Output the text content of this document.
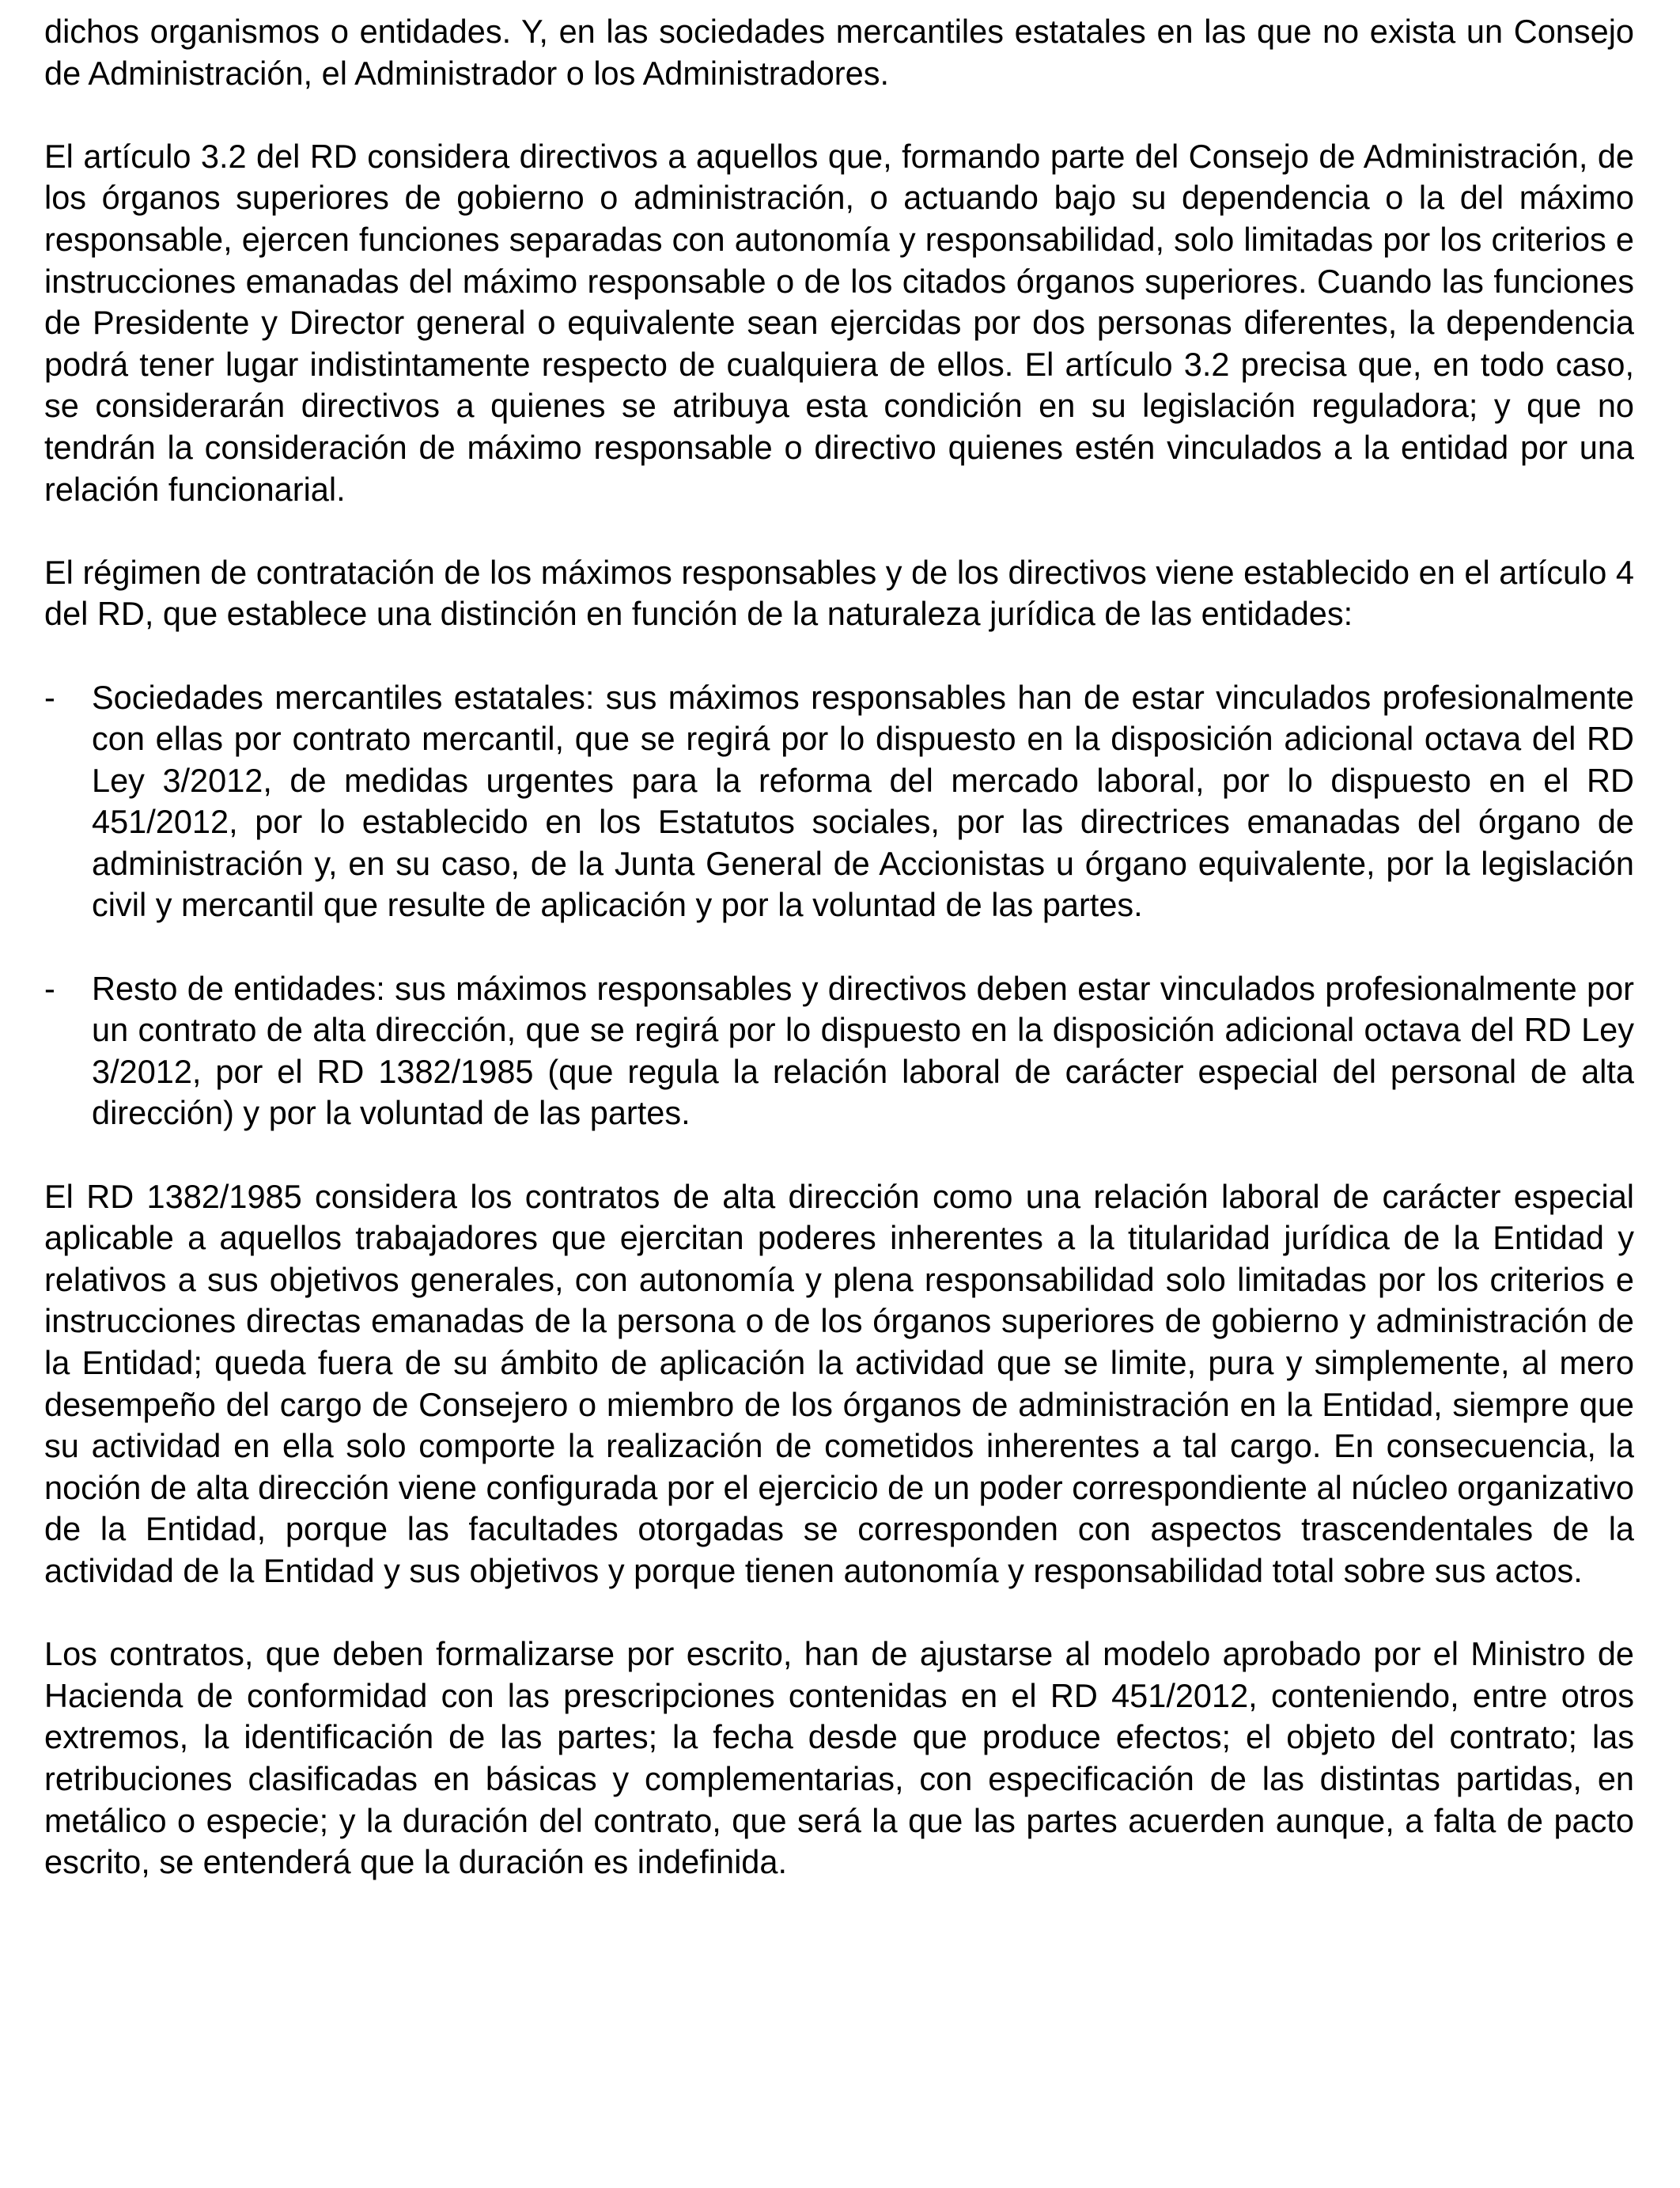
dichos organismos o entidades. Y, en las sociedades mercantiles estatales en las que no exista un Consejo de Administración, el Administrador o los Administradores.

El artículo 3.2 del RD considera directivos a aquellos que, formando parte del Consejo de Administración, de los órganos superiores de gobierno o administración, o actuando bajo su dependencia o la del máximo responsable, ejercen funciones separadas con autonomía y responsabilidad, solo limitadas por los criterios e instrucciones emanadas del máximo responsable o de los citados órganos superiores. Cuando las funciones de Presidente y Director general o equivalente sean ejercidas por dos personas diferentes, la dependencia podrá tener lugar indistintamente respecto de cualquiera de ellos. El artículo 3.2 precisa que, en todo caso, se considerarán directivos a quienes se atribuya esta condición en su legislación reguladora; y que no tendrán la consideración de máximo responsable o directivo quienes estén vinculados a la entidad por una relación funcionarial.

El régimen de contratación de los máximos responsables y de los directivos viene establecido en el artículo 4 del RD, que establece una distinción en función de la naturaleza jurídica de las entidades:

- Sociedades mercantiles estatales: sus máximos responsables han de estar vinculados profesionalmente con ellas por contrato mercantil, que se regirá por lo dispuesto en la disposición adicional octava del RD Ley 3/2012, de medidas urgentes para la reforma del mercado laboral, por lo dispuesto en el RD 451/2012, por lo establecido en los Estatutos sociales, por las directrices emanadas del órgano de administración y, en su caso, de la Junta General de Accionistas u órgano equivalente, por la legislación civil y mercantil que resulte de aplicación y por la voluntad de las partes.
- Resto de entidades: sus máximos responsables y directivos deben estar vinculados profesionalmente por un contrato de alta dirección, que se regirá por lo dispuesto en la disposición adicional octava del RD Ley 3/2012, por el RD 1382/1985 (que regula la relación laboral de carácter especial del personal de alta dirección) y por la voluntad de las partes.

El RD 1382/1985 considera los contratos de alta dirección como una relación laboral de carácter especial aplicable a aquellos trabajadores que ejercitan poderes inherentes a la titularidad jurídica de la Entidad y relativos a sus objetivos generales, con autonomía y plena responsabilidad solo limitadas por los criterios e instrucciones directas emanadas de la persona o de los órganos superiores de gobierno y administración de la Entidad; queda fuera de su ámbito de aplicación la actividad que se limite, pura y simplemente, al mero desempeño del cargo de Consejero o miembro de los órganos de administración en la Entidad, siempre que su actividad en ella solo comporte la realización de cometidos inherentes a tal cargo. En consecuencia, la noción de alta dirección viene configurada por el ejercicio de un poder correspondiente al núcleo organizativo de la Entidad, porque las facultades otorgadas se corresponden con aspectos trascendentales de la actividad de la Entidad y sus objetivos y porque tienen autonomía y responsabilidad total sobre sus actos.

Los contratos, que deben formalizarse por escrito, han de ajustarse al modelo aprobado por el Ministro de Hacienda de conformidad con las prescripciones contenidas en el RD 451/2012, conteniendo, entre otros extremos, la identificación de las partes; la fecha desde que produce efectos; el objeto del contrato; las retribuciones clasificadas en básicas y complementarias, con especificación de las distintas partidas, en metálico o especie; y la duración del contrato, que será la que las partes acuerden aunque, a falta de pacto escrito, se entenderá que la duración es indefinida.
